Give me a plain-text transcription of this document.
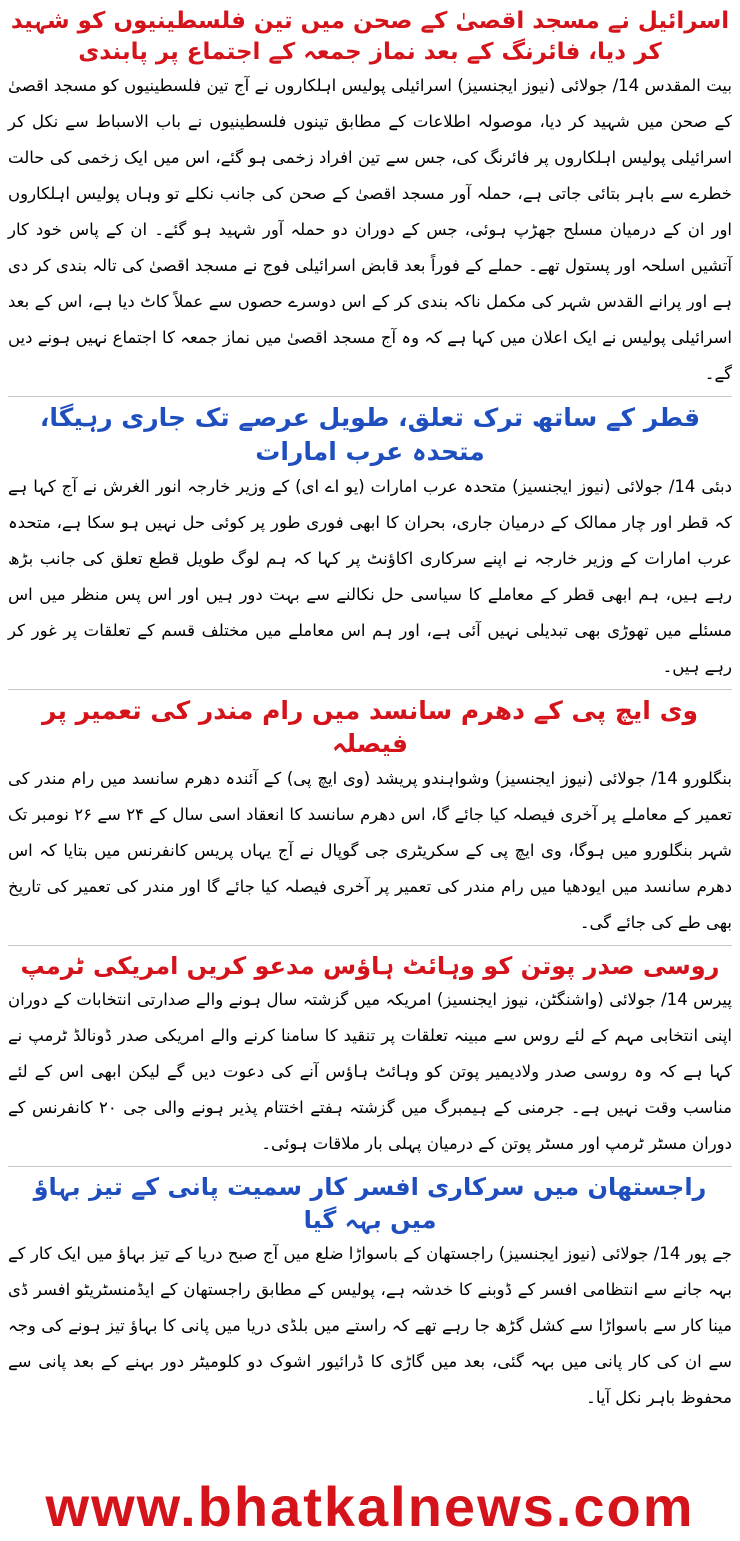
اسرائیل نے مسجد اقصیٰ کے صحن میں تین فلسطینیوں کو شہید کر دیا، فائرنگ کے بعد نماز جمعہ کے اجتماع پر پابندی

بیت المقدس 14/ جولائی (نیوز ایجنسیز) اسرائیلی پولیس اہلکاروں نے آج تین فلسطینیوں کو مسجد اقصیٰ کے صحن میں شہید کر دیا، موصولہ اطلاعات کے مطابق تینوں فلسطینیوں نے باب الاسباط سے نکل کر اسرائیلی پولیس اہلکاروں پر فائرنگ کی، جس سے تین افراد زخمی ہو گئے، اس میں ایک زخمی کی حالت خطرے سے باہر بتائی جاتی ہے، حملہ آور مسجد اقصیٰ کے صحن کی جانب نکلے تو وہاں پولیس اہلکاروں اور ان کے درمیان مسلح جھڑپ ہوئی، جس کے دوران دو حملہ آور شہید ہو گئے۔ ان کے پاس خود کار آتشیں اسلحہ اور پستول تھے۔ حملے کے فوراً بعد قابض اسرائیلی فوج نے مسجد اقصیٰ کی تالہ بندی کر دی ہے اور پرانے القدس شہر کی مکمل ناکہ بندی کر کے اس دوسرے حصوں سے عملاً کاٹ دیا ہے، اس کے بعد اسرائیلی پولیس نے ایک اعلان میں کہا ہے کہ وہ آج مسجد اقصیٰ میں نماز جمعہ کا اجتماع نہیں ہونے دیں گے۔

قطر کے ساتھ ترک تعلق، طویل عرصے تک جاری رہیگا، متحدہ عرب امارات

دبئی 14/ جولائی (نیوز ایجنسیز) متحدہ عرب امارات (یو اے ای) کے وزیر خارجہ انور الغرش نے آج کہا ہے کہ قطر اور چار ممالک کے درمیان جاری، بحران کا ابھی فوری طور پر کوئی حل نہیں ہو سکا ہے، متحدہ عرب امارات کے وزیر خارجہ نے اپنے سرکاری اکاؤنٹ پر کہا کہ ہم لوگ طویل قطع تعلق کی جانب بڑھ رہے ہیں، ہم ابھی قطر کے معاملے کا سیاسی حل نکالنے سے بہت دور ہیں اور اس پس منظر میں اس مسئلے میں تھوڑی بھی تبدیلی نہیں آئی ہے، اور ہم اس معاملے میں مختلف قسم کے تعلقات پر غور کر رہے ہیں۔

وی ایچ پی کے دھرم سانسد میں رام مندر کی تعمیر پر فیصلہ

بنگلورو 14/ جولائی (نیوز ایجنسیز) وشواہندو پریشد (وی ایچ پی) کے آئندہ دھرم سانسد میں رام مندر کی تعمیر کے معاملے پر آخری فیصلہ کیا جائے گا، اس دھرم سانسد کا انعقاد اسی سال کے ۲۴ سے ۲۶ نومبر تک شہر بنگلورو میں ہوگا، وی ایچ پی کے سکریٹری جی گوپال نے آج یہاں پریس کانفرنس میں بتایا کہ اس دھرم سانسد میں ایودھیا میں رام مندر کی تعمیر پر آخری فیصلہ کیا جائے گا اور مندر کی تعمیر کی تاریخ بھی طے کی جائے گی۔

روسی صدر پوتن کو وہائٹ ہاؤس مدعو کریں امریکی ٹرمپ

پیرس 14/ جولائی (واشنگٹن، نیوز ایجنسیز) امریکہ میں گزشتہ سال ہونے والے صدارتی انتخابات کے دوران اپنی انتخابی مہم کے لئے روس سے مبینہ تعلقات پر تنقید کا سامنا کرنے والے امریکی صدر ڈونالڈ ٹرمپ نے کہا ہے کہ وہ روسی صدر ولادیمیر پوتن کو وہائٹ ہاؤس آنے کی دعوت دیں گے لیکن ابھی اس کے لئے مناسب وقت نہیں ہے۔ جرمنی کے ہیمبرگ میں گزشتہ ہفتے اختتام پذیر ہونے والی جی ۲۰ کانفرنس کے دوران مسٹر ٹرمپ اور مسٹر پوتن کے درمیان پہلی بار ملاقات ہوئی۔

راجستھان میں سرکاری افسر کار سمیت پانی کے تیز بہاؤ میں بہہ گیا

جے پور 14/ جولائی (نیوز ایجنسیز) راجستھان کے باسواڑا ضلع میں آج صبح دریا کے تیز بہاؤ میں ایک کار کے بہہ جانے سے انتظامی افسر کے ڈوبنے کا خدشہ ہے، پولیس کے مطابق راجستھان کے ایڈمنسٹریٹو افسر ڈی مینا کار سے باسواڑا سے کشل گڑھ جا رہے تھے کہ راستے میں بلڈی دریا میں پانی کا بہاؤ تیز ہونے کی وجہ سے ان کی کار پانی میں بہہ گئی، بعد میں گاڑی کا ڈرائیور اشوک دو کلومیٹر دور بہنے کے بعد پانی سے محفوظ باہر نکل آیا۔

www.bhatkalnews.com
